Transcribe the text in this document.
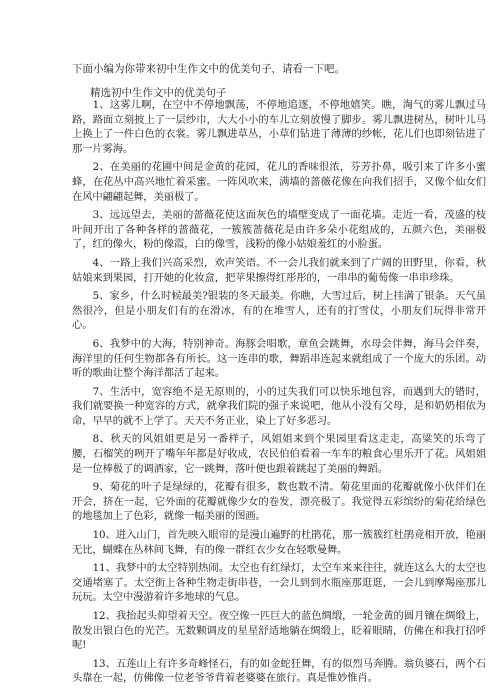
下面小编为你带来初中生作文中的优美句子，请看一下吧。

精选初中生作文中的优美句子

1、这雾儿啊，在空中不停地飘荡，不停地追逐，不停地嬉笑。瞧，淘气的雾儿飘过马路，路面立刻披上了一层纱巾，大大小小的车儿立刻放慢了脚步。雾儿飘进树丛，树叶儿马上换上了一件白色的衣裳。雾儿飘进草丛，小草们钻进了薄薄的纱帐，花儿们也即刻钻进了那一片雾海。

2、在美丽的花圃中间是金黄的花园，花儿的香味很浓，芬芳扑鼻，吸引来了许多小蜜蜂，在花丛中高兴地忙着采蜜。一阵风吹来，满墙的蔷薇花像在向我们招手，又像个仙女们在风中翩翩起舞，美丽极了。

3、远远望去，美丽的蔷薇花使这面灰色的墙壁变成了一面花墙。走近一看，茂盛的枝叶间开出了各种各样的蔷薇花，一簇簇蔷薇花是由许多朵小花组成的，五颜六色，美丽极了，红的像火，粉的像霞，白的像雪，浅粉的像小姑娘羞红的小脸蛋。

4、一路上我们兴高采烈，欢声笑语。不一会儿我们就来到了广阔的田野里，你看，秋姑娘来到果园，打开她的化妆盒，把苹果擦得红彤彤的，一串串的葡萄像一串串珍珠。

5、家乡，什么时候最美?银装的冬天最美。你瞧，大雪过后，树上挂满了银条。天气虽然很冷，但是小朋友们有的在滑冰，有的在堆雪人，还有的打雪仗，小朋友们玩得非常开心。

6、我梦中的大海，特别神奇。海豚会唱歌，章鱼会跳舞，水母会伴舞，海马会伴奏，海洋里的任何生物都各有所长。这一连串的歌，舞蹈串连起来就组成了一个庞大的乐团。动听的歌曲让整个海洋都活了起来。

7、生活中，宽容绝不是无原则的，小的过失我们可以快乐地包容，而遇到大的错时，我们就要换一种宽容的方式，就拿我们院的强子来说吧，他从小没有父母，是和奶奶相依为命，早早的就不上学了。天天不务正业，染上了好多恶习。

8、秋天的风姐姐更是另一番样子，风姐姐来到个果园里看这走走，高粱笑的乐弯了腰，石榴笑的咧开了嘴年年都是好收成，农民伯伯看着一车车的粮食心里乐开了花。风姐姐是一位棒极了的调酒家，它一跳舞，落叶便也跟着跳起了美丽的舞蹈。

9、菊花的叶子是绿绿的，花瓣有很多，数也数不清。菊花里面的花瓣就像小伙伴们在开会，挤在一起，它外面的花瓣就像少女的卷发，漂亮极了。我觉得五彩缤纷的菊花给绿色的地毯加上了色彩，就像一幅美丽的图画。

10、进入山门，首先映入眼帘的是漫山遍野的杜鹃花，那一簇簇红杜鹃竟相开放，艳丽无比，蝴蝶在丛林间飞舞，有的像一群红衣少女在轻歌曼舞。

11、我梦中的太空特别热闹。太空也有红绿灯，太空车来来往往，就连这么大的太空也交通堵塞了。太空街上各种生物走街串巷，一会儿到到水瓶座那逛逛，一会儿到摩羯座那儿玩玩。太空中漫游着许多地球的气息。

12、我抬起头仰望着天空。夜空像一匹巨大的蓝色绸缎，一轮金黄的圆月镶在绸缎上，散发出银白色的光芒。无数颗调皮的星星舒适地躺在绸缎上，眨着眼睛，仿佛在和我打招呼呢!

13、五莲山上有许多奇峰怪石，有的如金蛇狂舞，有的似烈马奔腾。翁负婆石，两个石头靠在一起，仿佛像一位老爷爷背着老婆婆在旅行。真是惟妙惟肖。
